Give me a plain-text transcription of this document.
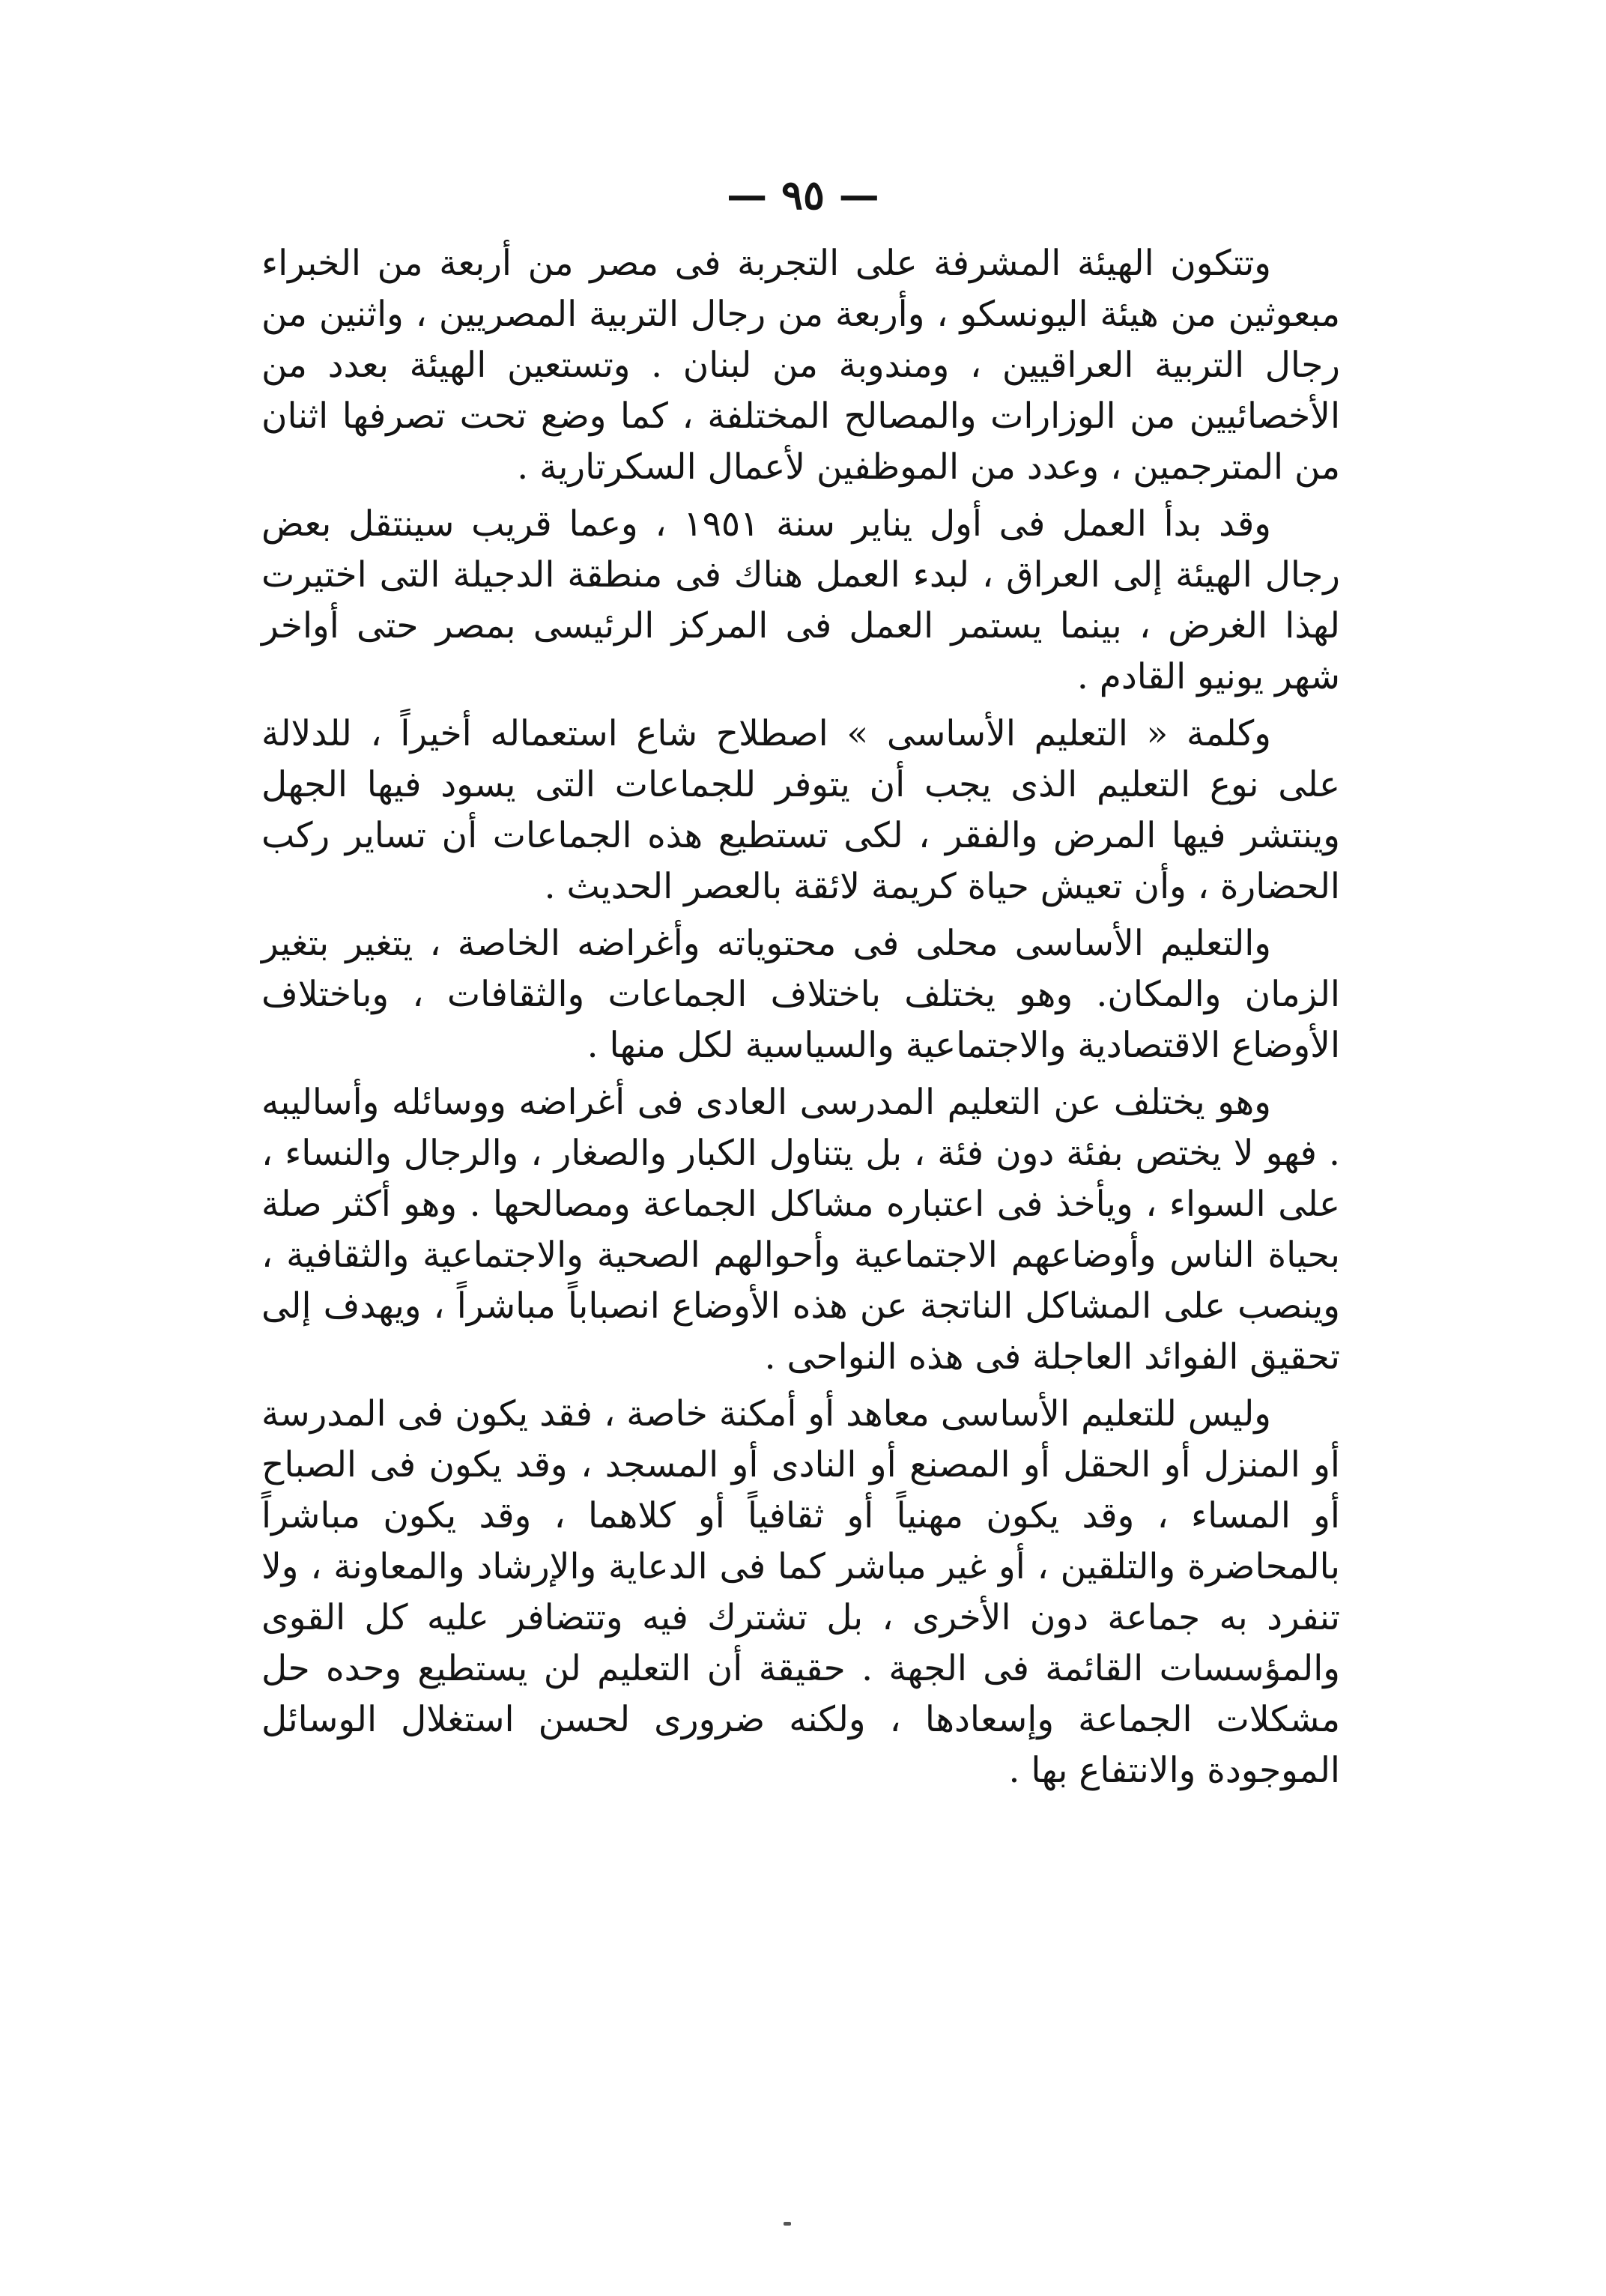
— ٩٥ —

وتتكون الهيئة المشرفة على التجربة فى مصر من أربعة من الخبراء مبعوثين من هيئة اليونسكو ، وأربعة من رجال التربية المصريين ، واثنين من رجال التربية العراقيين ، ومندوبة من لبنان . وتستعين الهيئة بعدد من الأخصائيين من الوزارات والمصالح المختلفة ، كما وضع تحت تصرفها اثنان من المترجمين ، وعدد من الموظفين لأعمال السكرتارية .

وقد بدأ العمل فى أول يناير سنة ١٩٥١ ، وعما قريب سينتقل بعض رجال الهيئة إلى العراق ، لبدء العمل هناك فى منطقة الدجيلة التى اختيرت لهذا الغرض ، بينما يستمر العمل فى المركز الرئيسى بمصر حتى أواخر شهر يونيو القادم .

وكلمة « التعليم الأساسى » اصطلاح شاع استعماله أخيراً ، للدلالة على نوع التعليم الذى يجب أن يتوفر للجماعات التى يسود فيها الجهل وينتشر فيها المرض والفقر ، لكى تستطيع هذه الجماعات أن تساير ركب الحضارة ، وأن تعيش حياة كريمة لائقة بالعصر الحديث .

والتعليم الأساسى محلى فى محتوياته وأغراضه الخاصة ، يتغير بتغير الزمان والمكان. وهو يختلف باختلاف الجماعات والثقافات ، وباختلاف الأوضاع الاقتصادية والاجتماعية والسياسية لكل منها .

وهو يختلف عن التعليم المدرسى العادى فى أغراضه ووسائله وأساليبه . فهو لا يختص بفئة دون فئة ، بل يتناول الكبار والصغار ، والرجال والنساء ، على السواء ، ويأخذ فى اعتباره مشاكل الجماعة ومصالحها . وهو أكثر صلة بحياة الناس وأوضاعهم الاجتماعية وأحوالهم الصحية والاجتماعية والثقافية ، وينصب على المشاكل الناتجة عن هذه الأوضاع انصباباً مباشراً ، ويهدف إلى تحقيق الفوائد العاجلة فى هذه النواحى .

وليس للتعليم الأساسى معاهد أو أمكنة خاصة ، فقد يكون فى المدرسة أو المنزل أو الحقل أو المصنع أو النادى أو المسجد ، وقد يكون فى الصباح أو المساء ، وقد يكون مهنياً أو ثقافياً أو كلاهما ، وقد يكون مباشراً بالمحاضرة والتلقين ، أو غير مباشر كما فى الدعاية والإرشاد والمعاونة ، ولا تنفرد به جماعة دون الأخرى ، بل تشترك فيه وتتضافر عليه كل القوى والمؤسسات القائمة فى الجهة . حقيقة أن التعليم لن يستطيع وحده حل مشكلات الجماعة وإسعادها ، ولكنه ضرورى لحسن استغلال الوسائل الموجودة والانتفاع بها .
